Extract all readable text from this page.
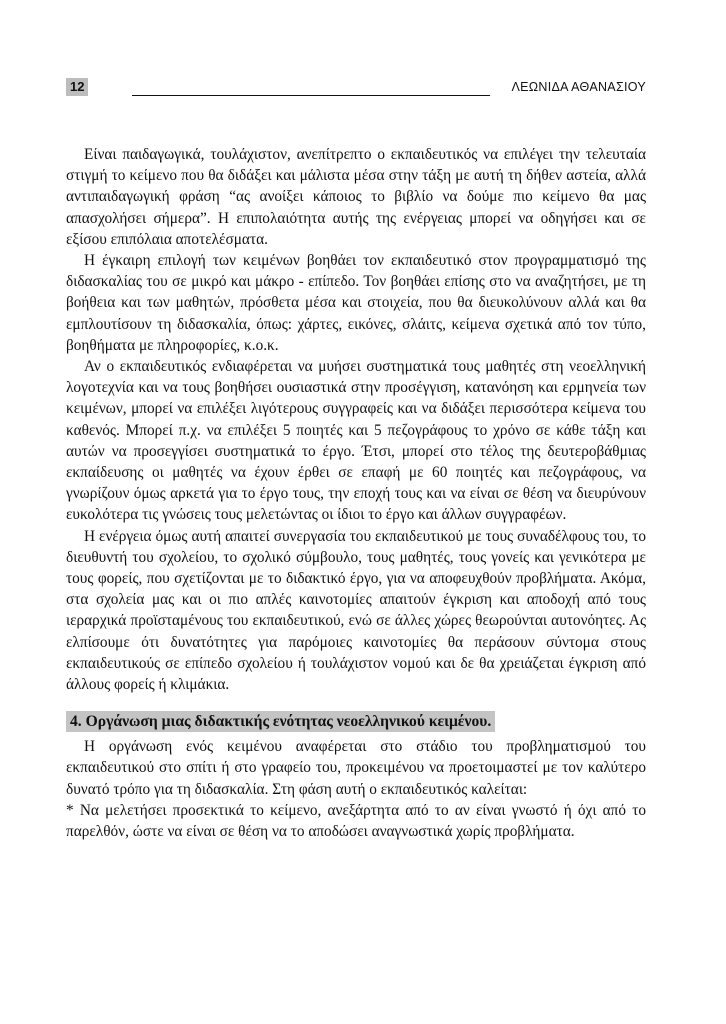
12	ΛΕΩΝΙΔΑ ΑΘΑΝΑΣΙΟΥ

Είναι παιδαγωγικά, τουλάχιστον, ανεπίτρεπτο ο εκπαιδευτικός να επιλέγει την τελευταία στιγμή το κείμενο που θα διδάξει και μάλιστα μέσα στην τάξη με αυτή τη δήθεν αστεία, αλλά αντιπαιδαγωγική φράση “ας ανοίξει κάποιος το βιβλίο να δούμε πιο κείμενο θα μας απασχολήσει σήμερα”. Η επιπολαιότητα αυτής της ενέργειας μπορεί να οδηγήσει και σε εξίσου επιπόλαια αποτελέσματα.

Η έγκαιρη επιλογή των κειμένων βοηθάει τον εκπαιδευτικό στον προγραμματισμό της διδασκαλίας του σε μικρό και μάκρο - επίπεδο. Τον βοηθάει επίσης στο να αναζητήσει, με τη βοήθεια και των μαθητών, πρόσθετα μέσα και στοιχεία, που θα διευκολύνουν αλλά και θα εμπλουτίσουν τη διδασκαλία, όπως: χάρτες, εικόνες, σλάιτς, κείμενα σχετικά από τον τύπο, βοηθήματα με πληροφορίες, κ.ο.κ.

Αν ο εκπαιδευτικός ενδιαφέρεται να μυήσει συστηματικά τους μαθητές στη νεοελληνική λογοτεχνία και να τους βοηθήσει ουσιαστικά στην προσέγγιση, κατανόηση και ερμηνεία των κειμένων, μπορεί να επιλέξει λιγότερους συγγραφείς και να διδάξει περισσότερα κείμενα του καθενός. Μπορεί π.χ. να επιλέξει 5 ποιητές και 5 πεζογράφους το χρόνο σε κάθε τάξη και αυτών να προσεγγίσει συστηματικά το έργο. Έτσι, μπορεί στο τέλος της δευτεροβάθμιας εκπαίδευσης οι μαθητές να έχουν έρθει σε επαφή με 60 ποιητές και πεζογράφους, να γνωρίζουν όμως αρκετά για το έργο τους, την εποχή τους και να είναι σε θέση να διευρύνουν ευκολότερα τις γνώσεις τους μελετώντας οι ίδιοι το έργο και άλλων συγγραφέων.

Η ενέργεια όμως αυτή απαιτεί συνεργασία του εκπαιδευτικού με τους συναδέλφους του, το διευθυντή του σχολείου, το σχολικό σύμβουλο, τους μαθητές, τους γονείς και γενικότερα με τους φορείς, που σχετίζονται με το διδακτικό έργο, για να αποφευχθούν προβλήματα. Ακόμα, στα σχολεία μας και οι πιο απλές καινοτομίες απαιτούν έγκριση και αποδοχή από τους ιεραρχικά προϊσταμένους του εκπαιδευτικού, ενώ σε άλλες χώρες θεωρούνται αυτονόητες. Ας ελπίσουμε ότι δυνατότητες για παρόμοιες καινοτομίες θα περάσουν σύντομα στους εκπαιδευτικούς σε επίπεδο σχολείου ή τουλάχιστον νομού και δε θα χρειάζεται έγκριση από άλλους φορείς ή κλιμάκια.

4. Οργάνωση μιας διδακτικής ενότητας νεοελληνικού κειμένου.

Η οργάνωση ενός κειμένου αναφέρεται στο στάδιο του προβληματισμού του εκπαιδευτικού στο σπίτι ή στο γραφείο του, προκειμένου να προετοιμαστεί με τον καλύτερο δυνατό τρόπο για τη διδασκαλία. Στη φάση αυτή ο εκπαιδευτικός καλείται:

* Να μελετήσει προσεκτικά το κείμενο, ανεξάρτητα από το αν είναι γνωστό ή όχι από το παρελθόν, ώστε να είναι σε θέση να το αποδώσει αναγνωστικά χωρίς προβλήματα.
